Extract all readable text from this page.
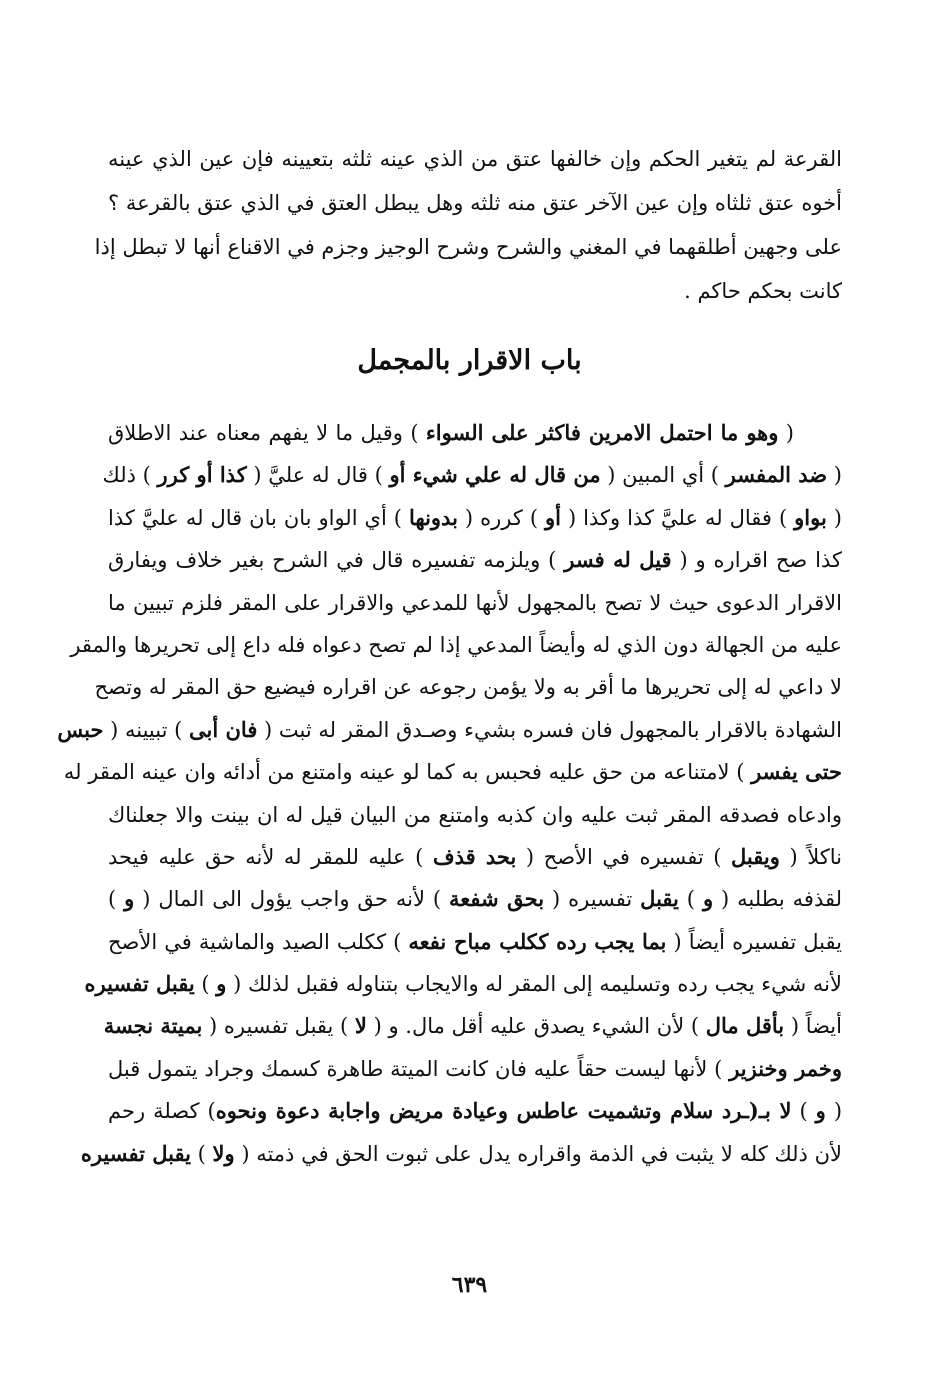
القرعة لم يتغير الحكم وإن خالفها عتق من الذي عينه ثلثه بتعيينه فإن عين الذي عينه
أخوه عتق ثلثاه وإن عين الآخر عتق منه ثلثه وهل يبطل العتق في الذي عتق بالقرعة ؟
على وجهين أطلقهما في المغني والشرح وشرح الوجيز وجزم في الاقناع أنها لا تبطل إذا
كانت بحكم حاكم .
باب الاقرار بالمجمل
( وهو ما احتمل الامرين فاكثر على السواء ) وقيل ما لا يفهم معناه عند الاطلاق
( ضد المفسر ) أي المبين ( من قال له علي شيء أو ) قال له عليَّ ( كذا أو كرر ) ذلك
( بواو ) فقال له عليَّ كذا وكذا ( أو ) كرره ( بدونها ) أي الواو بان بان قال له عليَّ كذا
كذا صح اقراره و ( قيل له فسر ) ويلزمه تفسيره قال في الشرح بغير خلاف ويفارق
الاقرار الدعوى حيث لا تصح بالمجهول لأنها للمدعي والاقرار على المقر فلزم تبيين ما
عليه من الجهالة دون الذي له وأيضاً المدعي إذا لم تصح دعواه فله داع إلى تحريرها والمقر
لا داعي له إلى تحريرها ما أقر به ولا يؤمن رجوعه عن اقراره فيضيع حق المقر له وتصح
الشهادة بالاقرار بالمجهول فان فسره بشيء وصـدق المقر له ثبت ( فان أبى ) تبيينه ( حبس
حتى يفسر ) لامتناعه من حق عليه فحبس به كما لو عينه وامتنع من أدائه وان عينه المقر له
وادعاه فصدقه المقر ثبت عليه وان كذبه وامتنع من البيان قيل له ان بينت والا جعلناك
ناكلاً ( ويقبل ) تفسيره في الأصح ( بحد قذف ) عليه للمقر له لأنه حق عليه فيحد
لقذفه بطلبه ( و ) يقبل تفسيره ( بحق شفعة ) لأنه حق واجب يؤول الى المال ( و )
يقبل تفسيره أيضاً ( بما يجب رده ككلب مباح نفعه ) ككلب الصيد والماشية في الأصح
لأنه شيء يجب رده وتسليمه إلى المقر له والايجاب بتناوله فقبل لذلك ( و ) يقبل تفسيره
أيضاً ( بأقل مال ) لأن الشيء يصدق عليه أقل مال. و ( لا ) يقبل تفسيره ( بميتة نجسة
وخمر وخنزير ) لأنها ليست حقاً عليه فان كانت الميتة طاهرة كسمك وجراد يتمول قبل
( و ) لا بـ(ـرد سلام وتشميت عاطس وعيادة مريض واجابة دعوة ونحوه) كصلة رحم
لأن ذلك كله لا يثبت في الذمة واقراره يدل على ثبوت الحق في ذمته ( ولا ) يقبل تفسيره
٦٣٩
